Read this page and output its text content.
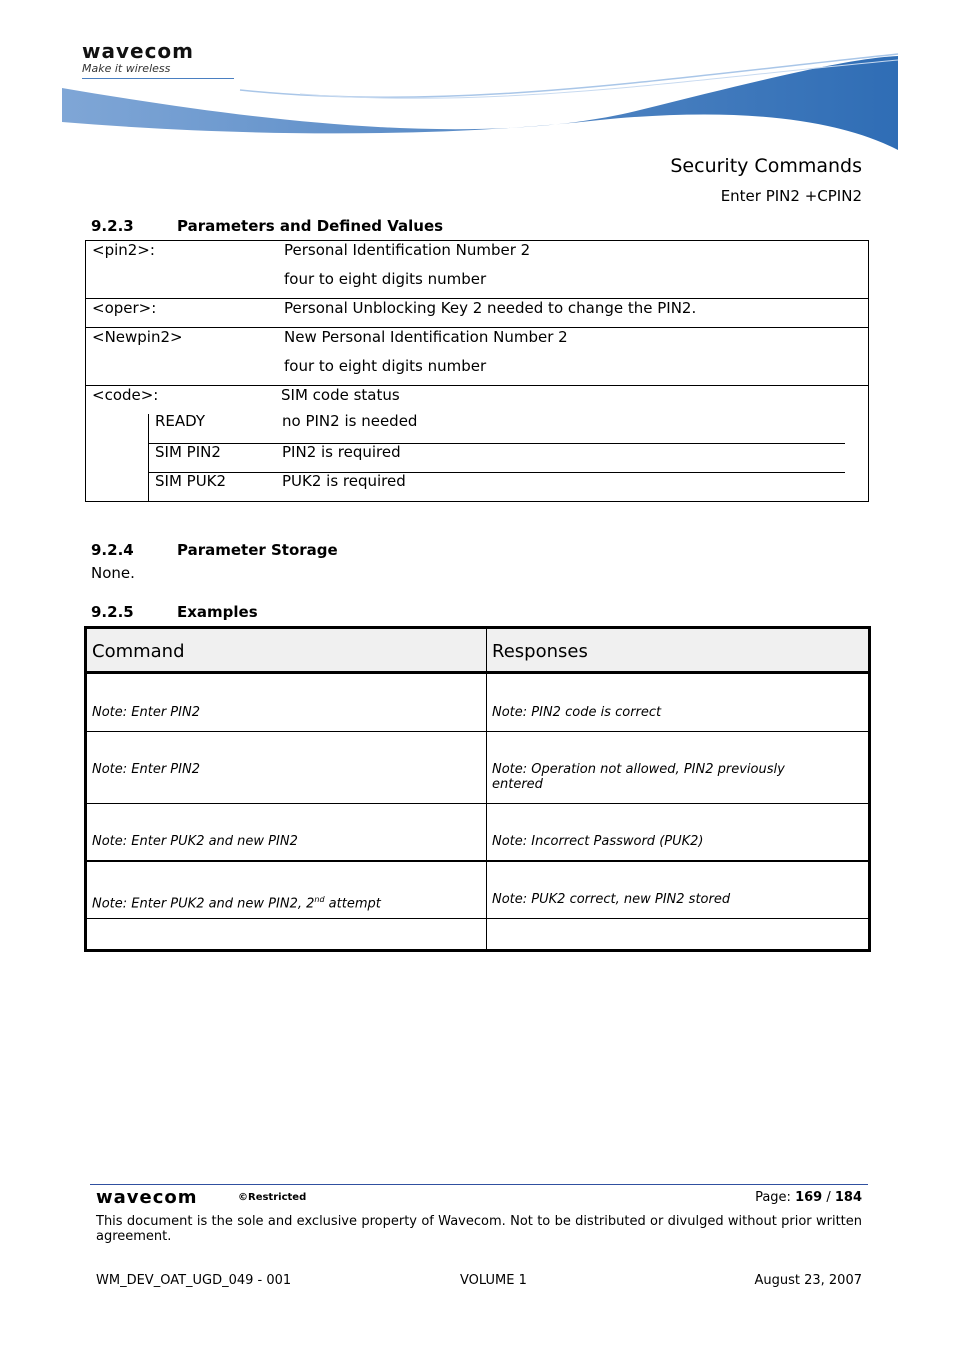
wavecom
Make it wireless
Security Commands
Enter PIN2 +CPIN2
9.2.3	Parameters and Defined Values
<pin2>:	Personal Identification Number 2
four to eight digits number
<oper>:	Personal Unblocking Key 2 needed to change the PIN2.
<Newpin2>	New Personal Identification Number 2
four to eight digits number
<code>:	SIM code status
READY	no PIN2 is needed
SIM PIN2	PIN2 is required
SIM PUK2	PUK2 is required
9.2.4	Parameter Storage
None.
9.2.5	Examples
Command	Responses
Note: Enter PIN2	Note: PIN2 code is correct
Note: Enter PIN2	Note: Operation not allowed, PIN2 previously
entered
Note: Enter PUK2 and new PIN2	Note: Incorrect Password (PUK2)
Note: Enter PUK2 and new PIN2, 2nd attempt	Note: PUK2 correct, new PIN2 stored
wavecom	©Restricted	Page: 169 / 184
This document is the sole and exclusive property of Wavecom. Not to be distributed or divulged without prior written agreement.
WM_DEV_OAT_UGD_049 - 001	VOLUME 1	August 23, 2007
